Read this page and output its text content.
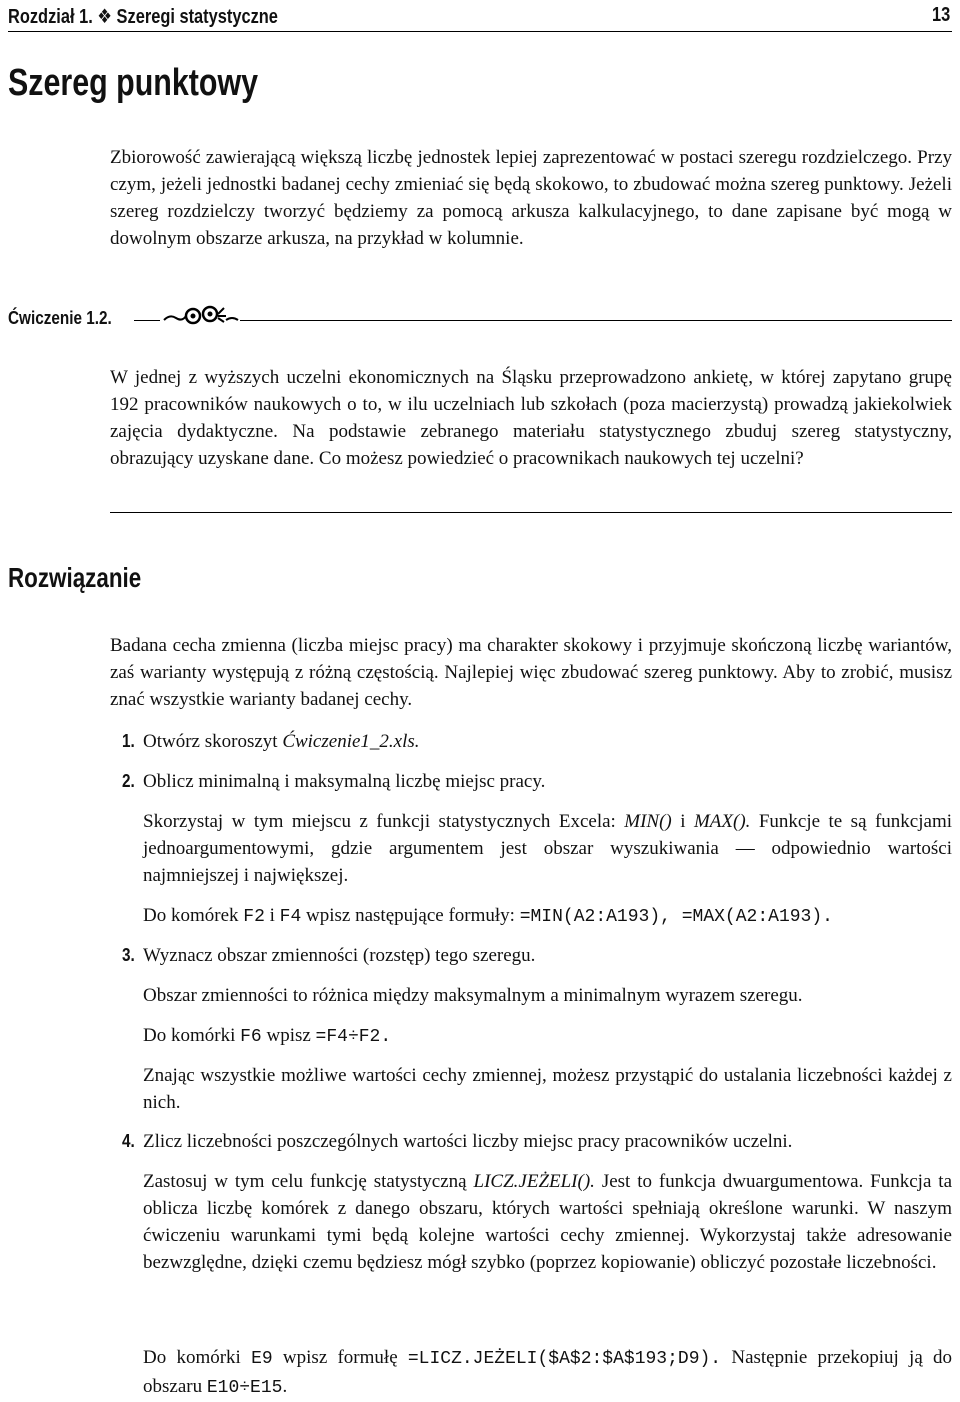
Rozdział 1. ❖ Szeregi statystyczne	13
Szereg punktowy

Zbiorowość zawierającą większą liczbę jednostek lepiej zaprezentować w postaci szeregu rozdzielczego. Przy czym, jeżeli jednostki badanej cechy zmieniać się będą skokowo, to zbudować można szereg punktowy. Jeżeli szereg rozdzielczy tworzyć będziemy za pomocą arkusza kalkulacyjnego, to dane zapisane być mogą w dowolnym obszarze arkusza, na przykład w kolumnie.

Ćwiczenie 1.2.

W jednej z wyższych uczelni ekonomicznych na Śląsku przeprowadzono ankietę, w której zapytano grupę 192 pracowników naukowych o to, w ilu uczelniach lub szkołach (poza macierzystą) prowadzą jakiekolwiek zajęcia dydaktyczne. Na podstawie zebranego materiału statystycznego zbuduj szereg statystyczny, obrazujący uzyskane dane. Co możesz powiedzieć o pracownikach naukowych tej uczelni?

Rozwiązanie

Badana cecha zmienna (liczba miejsc pracy) ma charakter skokowy i przyjmuje skończoną liczbę wariantów, zaś warianty występują z różną częstością. Najlepiej więc zbudować szereg punktowy. Aby to zrobić, musisz znać wszystkie warianty badanej cechy.

1. Otwórz skoroszyt Ćwiczenie1_2.xls.
2. Oblicz minimalną i maksymalną liczbę miejsc pracy.

Skorzystaj w tym miejscu z funkcji statystycznych Excela: MIN() i MAX(). Funkcje te są funkcjami jednoargumentowymi, gdzie argumentem jest obszar wyszukiwania — odpowiednio wartości najmniejszej i największej.

Do komórek F2 i F4 wpisz następujące formuły: =MIN(A2:A193), =MAX(A2:A193).

3. Wyznacz obszar zmienności (rozstęp) tego szeregu.

Obszar zmienności to różnica między maksymalnym a minimalnym wyrazem szeregu.

Do komórki F6 wpisz =F4÷F2.

Znając wszystkie możliwe wartości cechy zmiennej, możesz przystąpić do ustalania liczebności każdej z nich.

4. Zlicz liczebności poszczególnych wartości liczby miejsc pracy pracowników uczelni.

Zastosuj w tym celu funkcję statystyczną LICZ.JEŻELI(). Jest to funkcja dwuargumentowa. Funkcja ta oblicza liczbę komórek z danego obszaru, których wartości spełniają określone warunki. W naszym ćwiczeniu warunkami tymi będą kolejne wartości cechy zmiennej. Wykorzystaj także adresowanie bezwzględne, dzięki czemu będziesz mógł szybko (poprzez kopiowanie) obliczyć pozostałe liczebności.

Do komórki E9 wpisz formułę =LICZ.JEŻELI($A$2:$A$193;D9). Następnie przekopiuj ją do obszaru E10÷E15.
